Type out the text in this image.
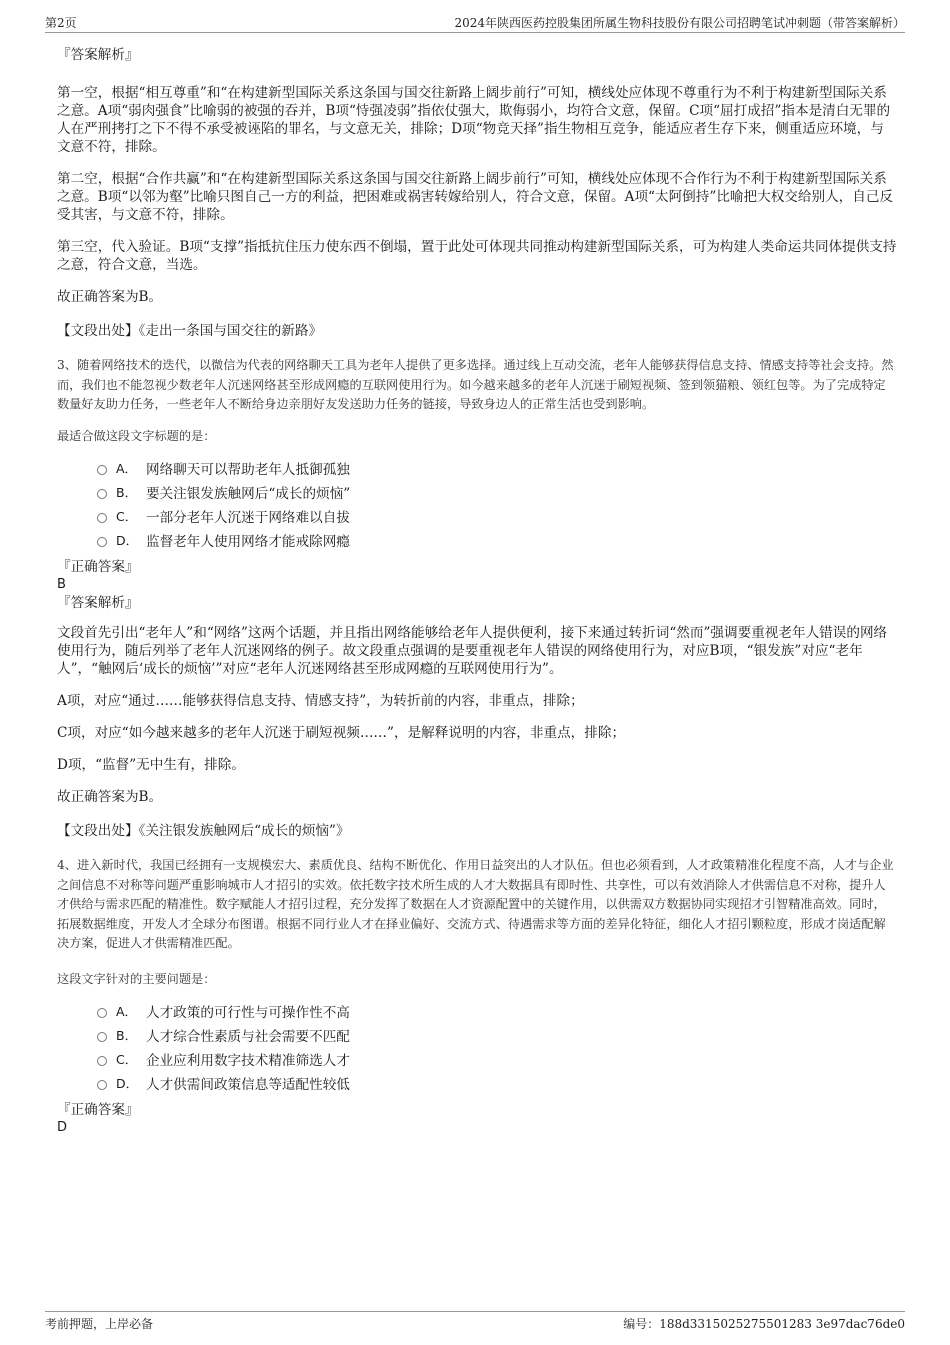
第2页	2024年陕西医药控股集团所属生物科技股份有限公司招聘笔试冲刺题（带答案解析）

『答案解析』

第一空，根据“相互尊重”和“在构建新型国际关系这条国与国交往新路上阔步前行”可知，横线处应体现不尊重行为不利于构建新型国际关系之意。A项“弱肉强食”比喻弱的被强的吞并，B项“恃强凌弱”指依仗强大，欺侮弱小，均符合文意，保留。C项“屈打成招”指本是清白无罪的人在严刑拷打之下不得不承受被诬陷的罪名，与文意无关，排除；D项“物竞天择”指生物相互竞争，能适应者生存下来，侧重适应环境，与文意不符，排除。

第二空，根据“合作共赢”和“在构建新型国际关系这条国与国交往新路上阔步前行”可知，横线处应体现不合作行为不利于构建新型国际关系之意。B项“以邻为壑”比喻只图自己一方的利益，把困难或祸害转嫁给别人，符合文意，保留。A项“太阿倒持”比喻把大权交给别人，自己反受其害，与文意不符，排除。

第三空，代入验证。B项“支撑”指抵抗住压力使东西不倒塌，置于此处可体现共同推动构建新型国际关系，可为构建人类命运共同体提供支持之意，符合文意，当选。

故正确答案为B。

【文段出处】《走出一条国与国交往的新路》

3、随着网络技术的迭代，以微信为代表的网络聊天工具为老年人提供了更多选择。通过线上互动交流，老年人能够获得信息支持、情感支持等社会支持。然而，我们也不能忽视少数老年人沉迷网络甚至形成网瘾的互联网使用行为。如今越来越多的老年人沉迷于刷短视频、签到领猫粮、领红包等。为了完成特定数量好友助力任务，一些老年人不断给身边亲朋好友发送助力任务的链接，导致身边人的正常生活也受到影响。

最适合做这段文字标题的是：

A． 网络聊天可以帮助老年人抵御孤独
B． 要关注银发族触网后“成长的烦恼”
C． 一部分老年人沉迷于网络难以自拔
D． 监督老年人使用网络才能戒除网瘾

『正确答案』

B

『答案解析』

文段首先引出“老年人”和“网络”这两个话题，并且指出网络能够给老年人提供便利，接下来通过转折词“然而”强调要重视老年人错误的网络使用行为，随后列举了老年人沉迷网络的例子。故文段重点强调的是要重视老年人错误的网络使用行为，对应B项，“银发族”对应“老年人”，“触网后‘成长的烦恼’”对应“老年人沉迷网络甚至形成网瘾的互联网使用行为”。

A项，对应“通过……能够获得信息支持、情感支持”，为转折前的内容，非重点，排除；

C项，对应“如今越来越多的老年人沉迷于刷短视频……”，是解释说明的内容，非重点，排除；

D项，“监督”无中生有，排除。

故正确答案为B。

【文段出处】《关注银发族触网后“成长的烦恼”》

4、进入新时代，我国已经拥有一支规模宏大、素质优良、结构不断优化、作用日益突出的人才队伍。但也必须看到，人才政策精准化程度不高，人才与企业之间信息不对称等问题严重影响城市人才招引的实效。依托数字技术所生成的人才大数据具有即时性、共享性，可以有效消除人才供需信息不对称，提升人才供给与需求匹配的精准性。数字赋能人才招引过程，充分发挥了数据在人才资源配置中的关键作用，以供需双方数据协同实现招才引智精准高效。同时，拓展数据维度，开发人才全球分布图谱。根据不同行业人才在择业偏好、交流方式、待遇需求等方面的差异化特征，细化人才招引颗粒度，形成才岗适配解决方案，促进人才供需精准匹配。

这段文字针对的主要问题是：

A． 人才政策的可行性与可操作性不高
B． 人才综合性素质与社会需要不匹配
C． 企业应利用数字技术精准筛选人才
D． 人才供需间政策信息等适配性较低

『正确答案』

D

考前押题，上岸必备	编号：188d3315025275501283 3e97dac76de0
